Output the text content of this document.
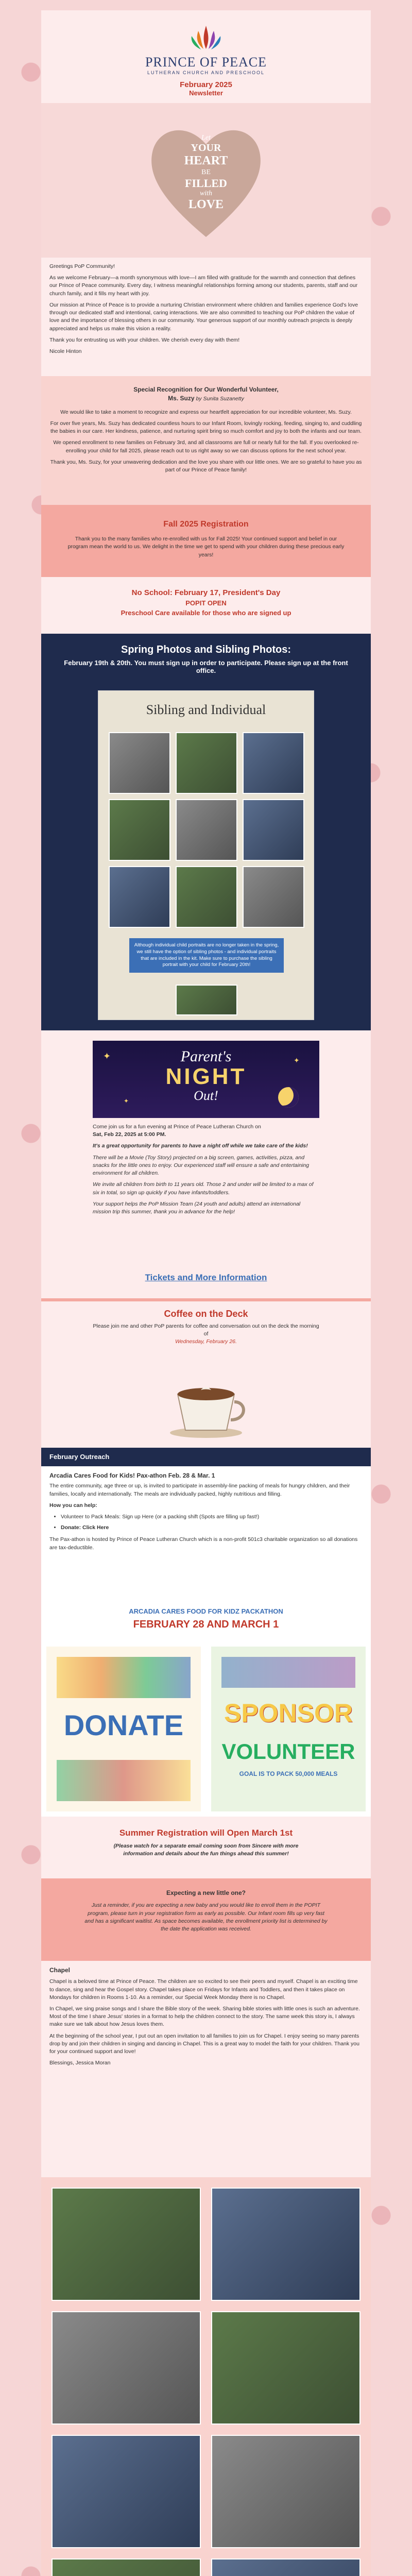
PRINCE OF PEACE
LUTHERAN CHURCH AND PRESCHOOL
February 2025
Newsletter
Let
YOUR
HEART
BE
FILLED
with
LOVE

Greetings PoP Community!

As we welcome February—a month synonymous with love—I am filled with gratitude for the warmth and connection that defines our Prince of Peace community. Every day, I witness meaningful relationships forming among our students, parents, staff and our church family, and it fills my heart with joy.

Our mission at Prince of Peace is to provide a nurturing Christian environment where children and families experience God's love through our dedicated staff and intentional, caring interactions. We are also committed to teaching our PoP children the value of love and the importance of blessing others in our community. Your generous support of our monthly outreach projects is deeply appreciated and helps us make this vision a reality.

Thank you for entrusting us with your children. We cherish every day with them!

Nicole Hinton

Special Recognition for Our Wonderful Volunteer,
Ms. Suzy by Sunita Suzanetty

We would like to take a moment to recognize and express our heartfelt appreciation for our incredible volunteer, Ms. Suzy.

For over five years, Ms. Suzy has dedicated countless hours to our Infant Room, lovingly rocking, feeding, singing to, and cuddling the babies in our care. Her kindness, patience, and nurturing spirit bring so much comfort and joy to both the infants and our team.

We opened enrollment to new families on February 3rd, and all classrooms are full or nearly full for the fall. If you overlooked re-enrolling your child for fall 2025, please reach out to us right away so we can discuss options for the next school year.

Thank you, Ms. Suzy, for your unwavering dedication and the love you share with our little ones. We are so grateful to have you as part of our Prince of Peace family!

Fall 2025 Registration

Thank you to the many families who re-enrolled with us for Fall 2025! Your continued support and belief in our program mean the world to us. We delight in the time we get to spend with your children during these precious early years!

No School: February 17, President's Day
POPIT OPEN
Preschool Care available for those who are signed up
Spring Photos and Sibling Photos:
February 19th & 20th. You must sign up in order to participate. Please sign up at the front office.
Sibling and Individual
Although individual child portraits are no longer taken in the spring, we still have the option of sibling photos - and individual portraits that are included in the kit. Make sure to purchase the sibling portrait with your child for February 20th!
✦	✦
✦
Parent's
NIGHT
Out!

Come join us for a fun evening at Prince of Peace Lutheran Church on
Sat, Feb 22, 2025 at 5:00 PM.

It's a great opportunity for parents to have a night off while we take care of the kids!

There will be a Movie (Toy Story) projected on a big screen, games, activities, pizza, and snacks for the little ones to enjoy. Our experienced staff will ensure a safe and entertaining environment for all children.

We invite all children from birth to 11 years old. Those 2 and under will be limited to a max of six in total, so sign up quickly if you have infants/toddlers.

Your support helps the PoP Mission Team (24 youth and adults) attend an international mission trip this summer, thank you in advance for the help!

Tickets and More Information
Coffee on the Deck
Please join me and other PoP parents for coffee and conversation out on the deck the morning of
Wednesday, February 26.
February Outreach
Arcadia Cares Food for Kids! Pax-athon Feb. 28 & Mar. 1

The entire community, age three or up, is invited to participate in assembly-line packing of meals for hungry children, and their families, locally and internationally. The meals are individually packed, highly nutritious and filling.

How you can help:

• Volunteer to Pack Meals: Sign up Here (or a packing shift (Spots are filling up fast!)
• Donate: Click Here

The Pax-athon is hosted by Prince of Peace Lutheran Church which is a non-profit 501c3 charitable organization so all donations are tax-deductible.

ARCADIA CARES FOOD FOR KIDZ PACKATHON
FEBRUARY 28 AND MARCH 1
DONATE	SPONSOR
VOLUNTEER
GOAL IS TO PACK 50,000 MEALS
Summer Registration will Open March 1st
(Please watch for a separate email coming soon from Sincere with more information and details about the fun things ahead this summer!
Expecting a new little one?
Just a reminder, if you are expecting a new baby and you would like to enroll them in the POPIT program, please turn in your registration form as early as possible. Our Infant room fills up very fast and has a significant waitlist. As space becomes available, the enrollment priority list is determined by the date the application was received.
Chapel

Chapel is a beloved time at Prince of Peace. The children are so excited to see their peers and myself. Chapel is an exciting time to dance, sing and hear the Gospel story. Chapel takes place on Fridays for Infants and Toddlers, and then it takes place on Mondays for children in Rooms 1-10. As a reminder, our Special Week Monday there is no Chapel.

In Chapel, we sing praise songs and I share the Bible story of the week. Sharing bible stories with little ones is such an adventure. Most of the time I share Jesus' stories in a format to help the children connect to the story. The same week this story is, I always make sure we talk about how Jesus loves them.

At the beginning of the school year, I put out an open invitation to all families to join us for Chapel. I enjoy seeing so many parents drop by and join their children in singing and dancing in Chapel. This is a great way to model the faith for your children. Thank you for your continued support and love!

Blessings, Jessica Moran
